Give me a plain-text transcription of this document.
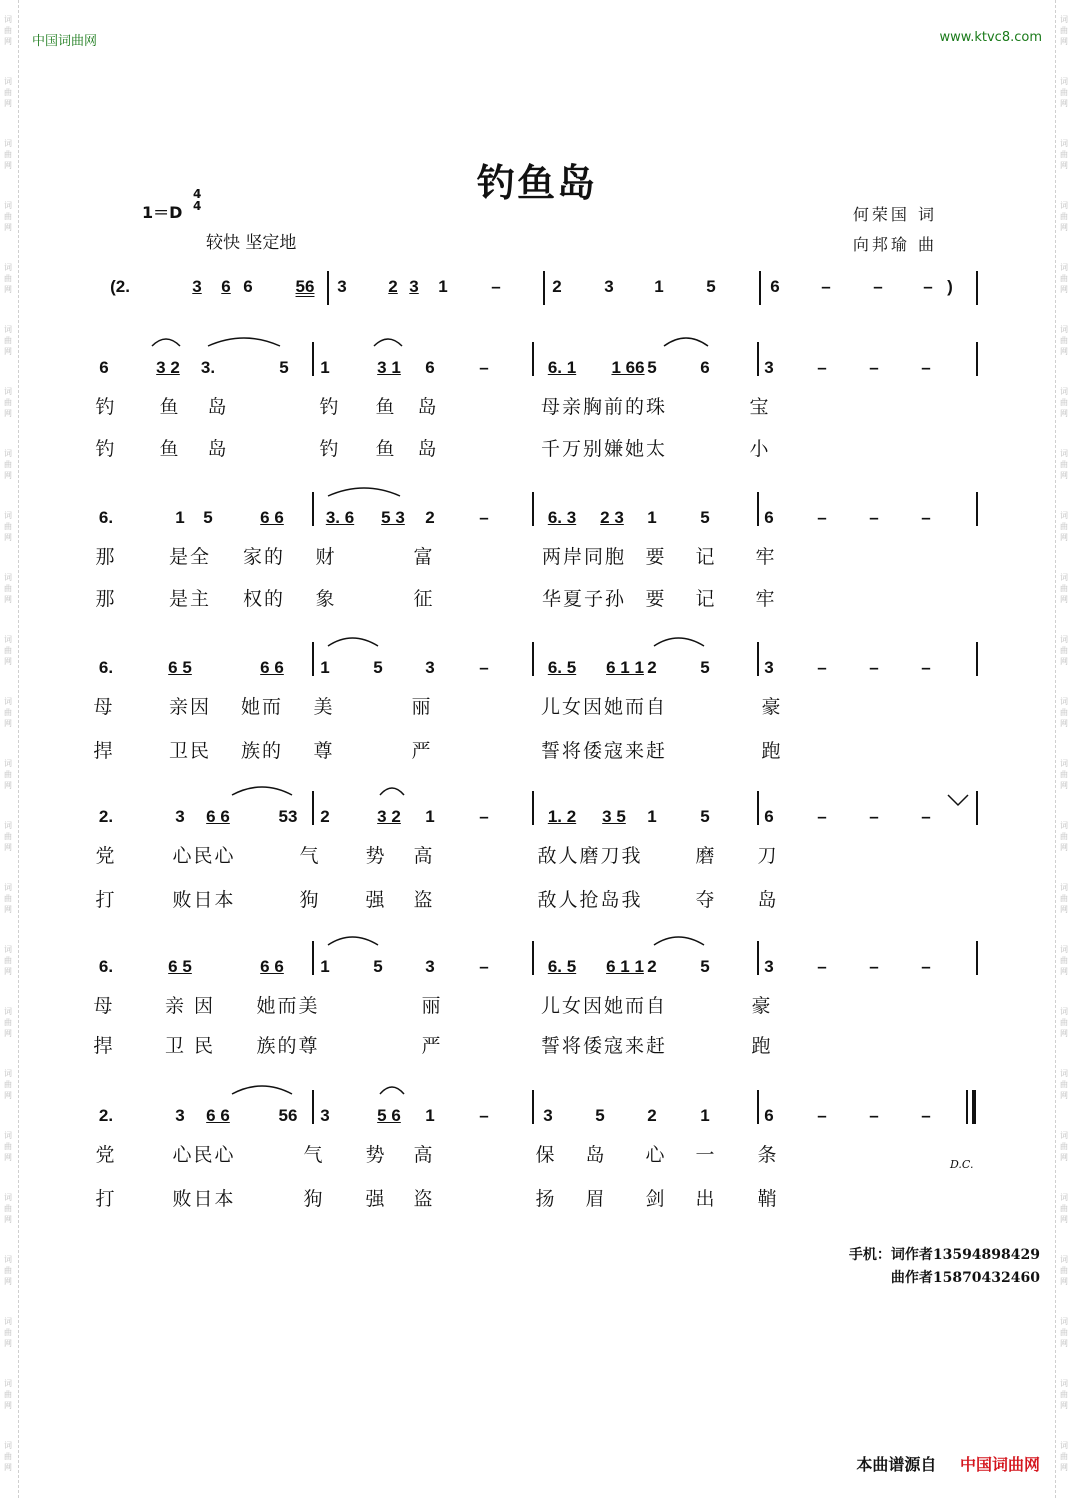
词
曲
网
词
曲
网
词
曲
网
词
曲
网
词
曲
网
词
曲
网
词
曲
网
词
曲
网
词
曲
网
词
曲
网
词
曲
网
词
曲
网
词
曲
网
词
曲
网
词
曲
网
词
曲
网
词
曲
网
词
曲
网
词
曲
网
词
曲
网
词
曲
网
词
曲
网
词
曲
网
词
曲
网
词
曲
网
词
曲
网
词
曲
网
词
曲
网
词
曲
网
词
曲
网
词
曲
网
词
曲
网
词
曲
网
词
曲
网
词
曲
网
词
曲
网
词
曲
网
词
曲
网
词
曲
网
词
曲
网
词
曲
网
词
曲
网
词
曲
网
词
曲
网
词
曲
网
词
曲
网
词
曲
网
词
曲
网
中国词曲网	www.ktvc8.com
钓鱼岛
1＝D
4
4
较快 坚定地
何荣国 词
向邦瑜 曲
(2.	3 6 6	56 3 2 3 1	–	2	3 1	5	6 –	– – )
6	3 2 3.	5 1	3 1 6	–	6. 1 1 66 5	6	3	–	–	–
钓 鱼 岛	钓 鱼 岛	母亲胸前的珠	宝
钓 鱼 岛	钓 鱼 岛	千万别嫌她太	小
6.	1 5	6 6 3. 6 5 3 2	–	6. 3 2 3 1	5	6	–	–	–
那	是全 家的 财	富	两岸同胞 要 记 牢
那	是主 权的 象	征	华夏子孙 要 记 牢
6.	6 5	6 6 1	5	3	–	6. 5 6 1 1 2	5	3	–	–	–
母	亲因 她而 美	丽	儿女因她而自	豪
捍	卫民 族的 尊	严	誓将倭寇来赶	跑
2.	3 6 6	53 2	3 2 1	–	1. 2 3 5 1	5	6	–	–	–
党	心民心	气 势 高	敌人磨刀我	磨 刀
打	败日本	狗 强 盗	敌人抢岛我	夺 岛
6.	6 5	6 6 1	5	3	–	6. 5 6 1 1 2	5	3	–	–	–
母	亲 因 她而美	丽	儿女因她而自	豪
捍	卫 民 族的尊	严	誓将倭寇来赶	跑
2.	3 6 6	56 3	5 6 1	–	3	5	2	1	6	–	–	–
党	心民心	气 势 高	保 岛 心 一 条
打	败日本	狗 强 盗	扬 眉 剑 出 鞘
D.C.
手机：词作者13594898429
曲作者15870432460
本曲谱源自 中国词曲网
